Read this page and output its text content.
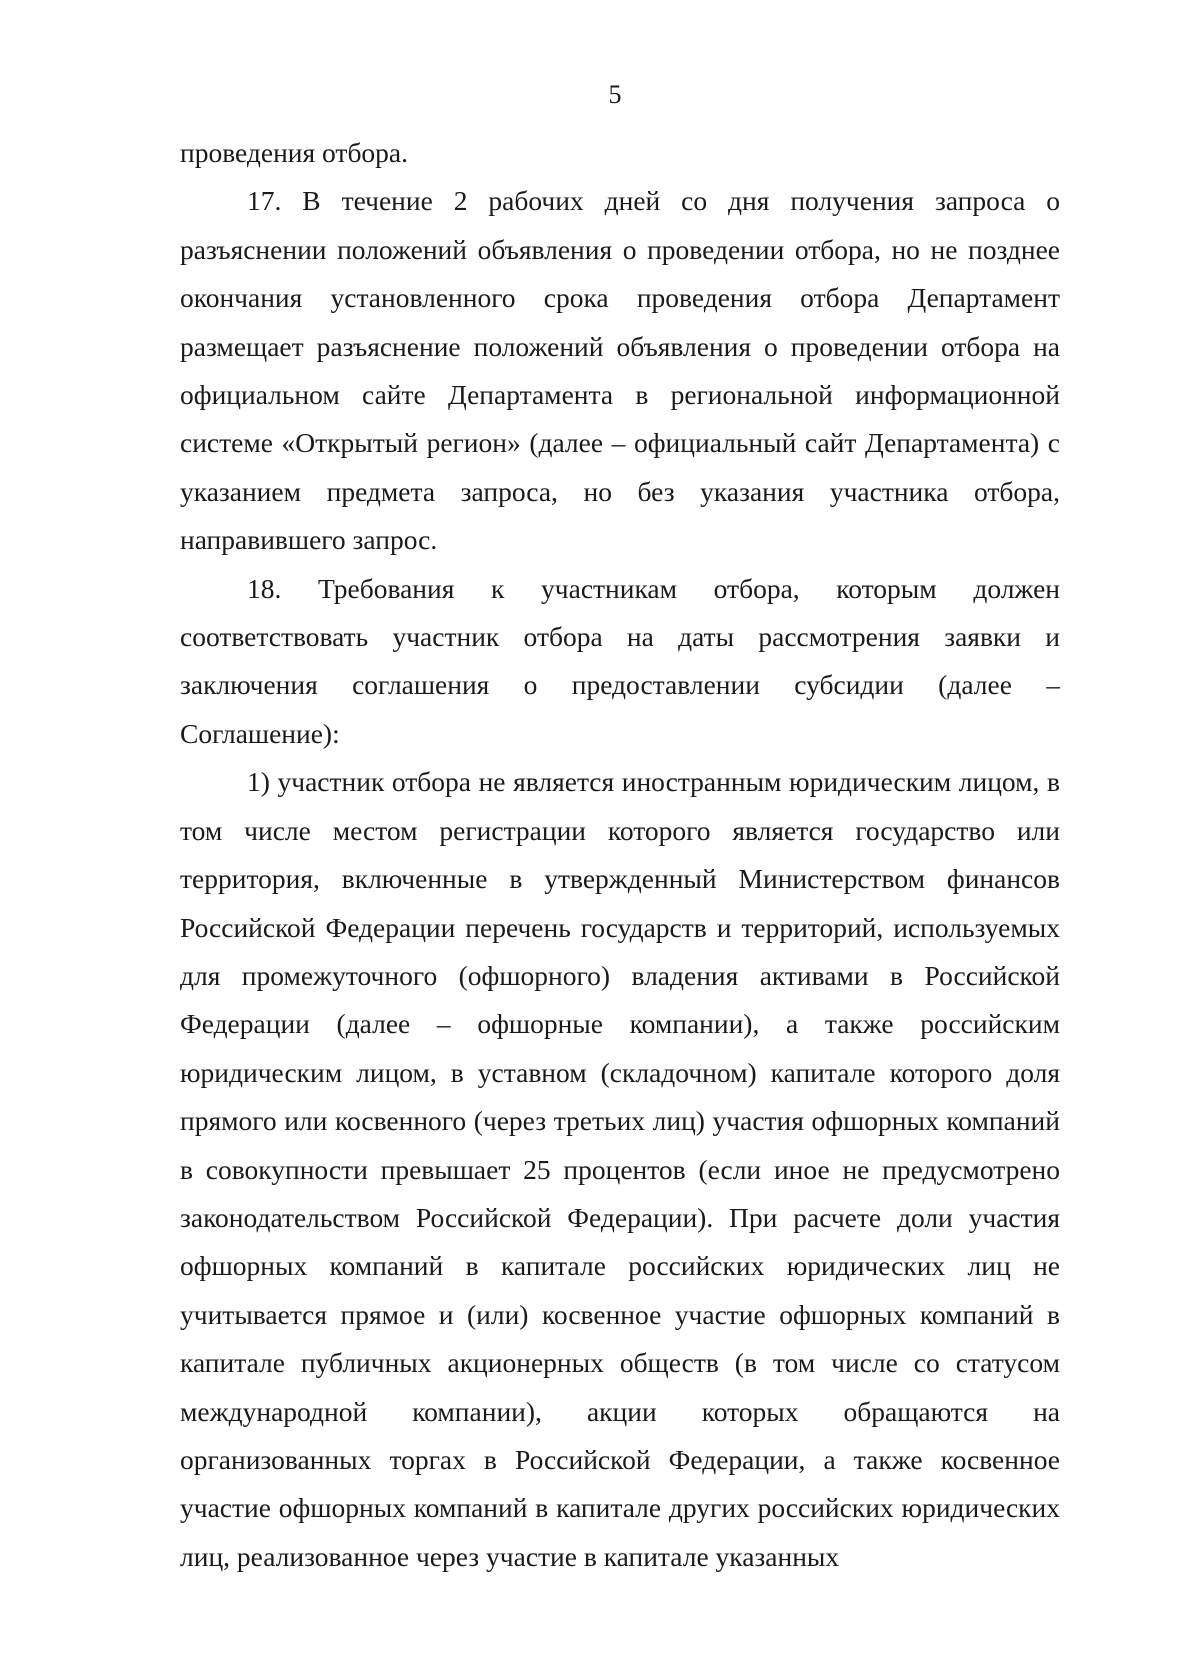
5

проведения отбора.

17. В течение 2 рабочих дней со дня получения запроса о разъяснении положений объявления о проведении отбора, но не позднее окончания установленного срока проведения отбора Департамент размещает разъяснение положений объявления о проведении отбора на официальном сайте Департамента в региональной информационной системе «Открытый регион» (далее – официальный сайт Департамента) с указанием предмета запроса, но без указания участника отбора, направившего запрос.

18. Требования к участникам отбора, которым должен соответствовать участник отбора на даты рассмотрения заявки и заключения соглашения о предоставлении субсидии (далее – Соглашение):

1) участник отбора не является иностранным юридическим лицом, в том числе местом регистрации которого является государство или территория, включенные в утвержденный Министерством финансов Российской Федерации перечень государств и территорий, используемых для промежуточного (офшорного) владения активами в Российской Федерации (далее – офшорные компании), а также российским юридическим лицом, в уставном (складочном) капитале которого доля прямого или косвенного (через третьих лиц) участия офшорных компаний в совокупности превышает 25 процентов (если иное не предусмотрено законодательством Российской Федерации). При расчете доли участия офшорных компаний в капитале российских юридических лиц не учитывается прямое и (или) косвенное участие офшорных компаний в капитале публичных акционерных обществ (в том числе со статусом международной компании), акции которых обращаются на организованных торгах в Российской Федерации, а также косвенное участие офшорных компаний в капитале других российских юридических лиц, реализованное через участие в капитале указанных
